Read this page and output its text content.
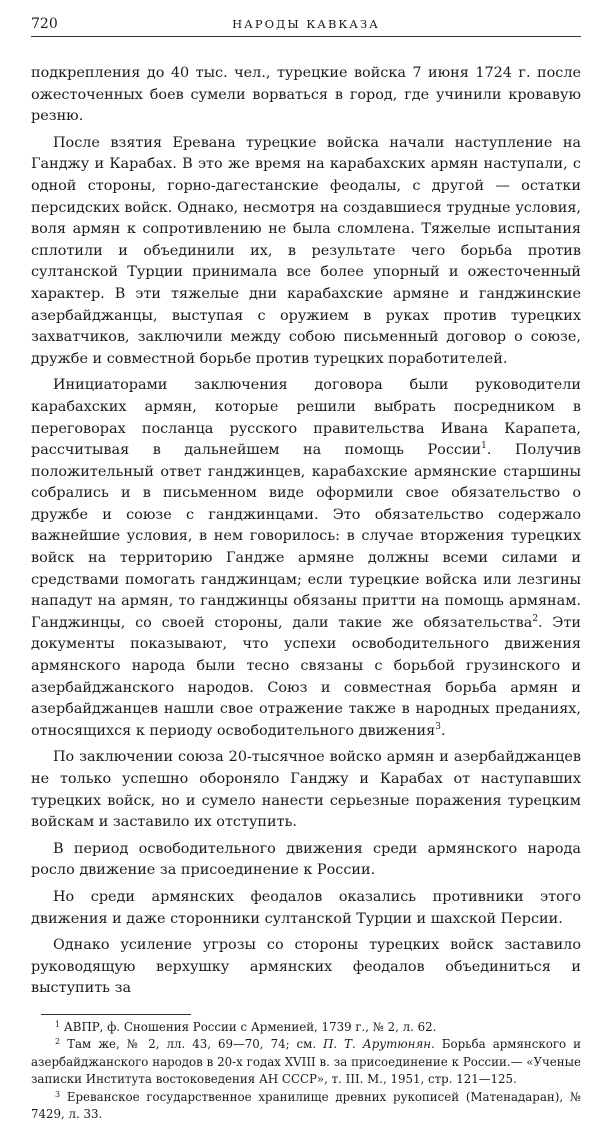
720	НАРОДЫ КАВКАЗА

подкрепления до 40 тыс. чел., турецкие войска 7 июня 1724 г. после ожесточенных боев сумели ворваться в город, где учинили кровавую резню.

После взятия Еревана турецкие войска начали наступление на Ганджу и Карабах. В это же время на карабахских армян наступали, с одной стороны, горно-дагестанские феодалы, с другой — остатки персидских войск. Однако, несмотря на создавшиеся трудные условия, воля армян к сопротивлению не была сломлена. Тяжелые испытания сплотили и объединили их, в результате чего борьба против султанской Турции принимала все более упорный и ожесточенный характер. В эти тяжелые дни карабахские армяне и ганджинские азербайджанцы, выступая с оружием в руках против турецких захватчиков, заключили между собою письменный договор о союзе, дружбе и совместной борьбе против турецких поработителей.

Инициаторами заключения договора были руководители карабахских армян, которые решили выбрать посредником в переговорах посланца русского правительства Ивана Карапета, рассчитывая в дальнейшем на помощь России$^1$. Получив положительный ответ ганджинцев, карабахские армянские старшины собрались и в письменном виде оформили свое обязательство о дружбе и союзе с ганджинцами. Это обязательство содержало важнейшие условия, в нем говорилось: в случае вторжения турецких войск на территорию Гандже армяне должны всеми силами и средствами помогать ганджинцам; если турецкие войска или лезгины нападут на армян, то ганджинцы обязаны притти на помощь армянам. Ганджинцы, со своей стороны, дали такие же обязательства$^2$. Эти документы показывают, что успехи освободительного движения армянского народа были тесно связаны с борьбой грузинского и азербайджанского народов. Союз и совместная борьба армян и азербайджанцев нашли свое отражение также в народных преданиях, относящихся к периоду освободительного движения$^3$.

По заключении союза 20-тысячное войско армян и азербайджанцев не только успешно обороняло Ганджу и Карабах от наступавших турецких войск, но и сумело нанести серьезные поражения турецким войскам и заставило их отступить.

В период освободительного движения среди армянского народа росло движение за присоединение к России.

Но среди армянских феодалов оказались противники этого движения и даже сторонники султанской Турции и шахской Персии.

Однако усиление угрозы со стороны турецких войск заставило руководящую верхушку армянских феодалов объединиться и выступить за

$^1$ АВПР, ф. Сношения России с Арменией, 1739 г., № 2, л. 62.

$^2$ Там же, № 2, лл. 43, 69—70, 74; см. П. Т. Арутюнян. Борьба армянского и азербайджанского народов в 20-х годах XVIII в. за присоединение к России.— «Ученые записки Института востоковедения АН СССР», т. III. М., 1951, стр. 121—125.

$^3$ Ереванское государственное хранилище древних рукописей (Матенадаран), № 7429, л. 33.
